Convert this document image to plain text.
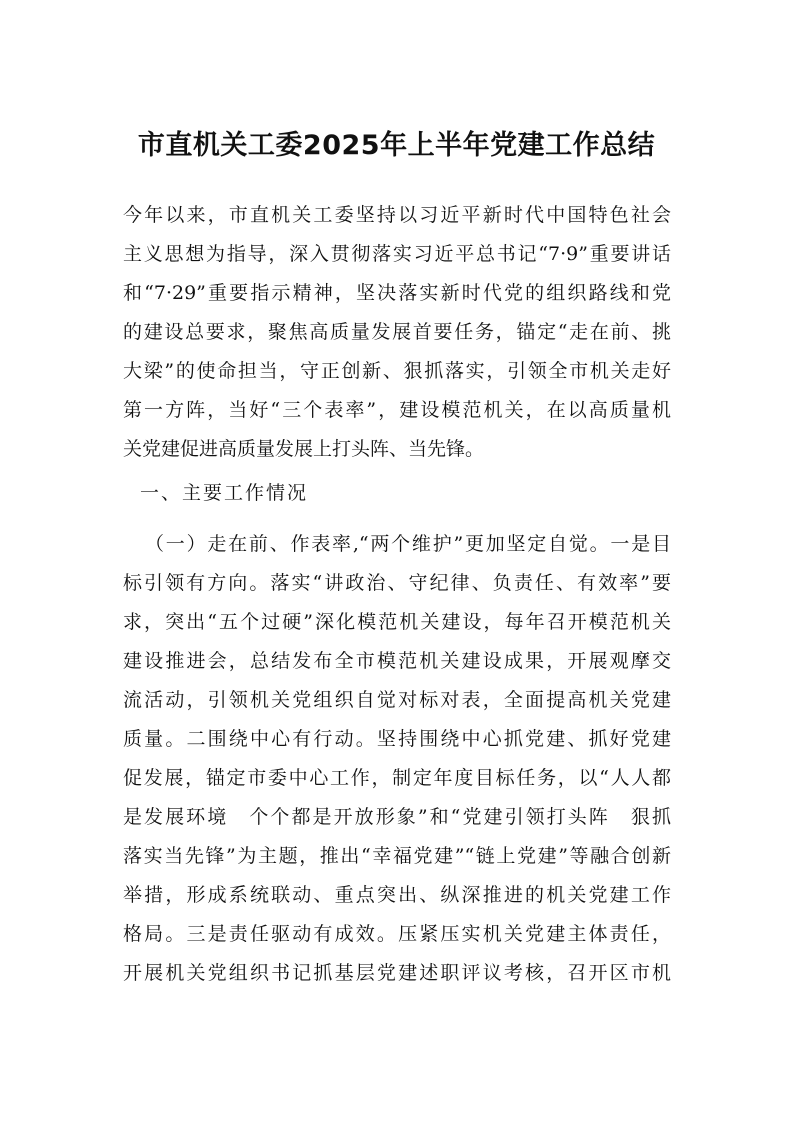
市直机关工委2025年上半年党建工作总结
今年以来，市直机关工委坚持以习近平新时代中国特色社会
主义思想为指导，深入贯彻落实习近平总书记“7·9”重要讲话
和“7·29”重要指示精神，坚决落实新时代党的组织路线和党
的建设总要求，聚焦高质量发展首要任务，锚定“走在前、挑
大梁”的使命担当，守正创新、狠抓落实，引领全市机关走好
第一方阵，当好“三个表率”，建设模范机关，在以高质量机
关党建促进高质量发展上打头阵、当先锋。
一、主要工作情况
（一）走在前、作表率,“两个维护”更加坚定自觉。一是目
标引领有方向。落实“讲政治、守纪律、负责任、有效率”要
求，突出“五个过硬”深化模范机关建设，每年召开模范机关
建设推进会，总结发布全市模范机关建设成果，开展观摩交
流活动，引领机关党组织自觉对标对表，全面提高机关党建
质量。二围绕中心有行动。坚持围绕中心抓党建、抓好党建
促发展，锚定市委中心工作，制定年度目标任务，以“人人都
是发展环境　个个都是开放形象”和“党建引领打头阵　狠抓
落实当先锋”为主题，推出“幸福党建”“链上党建”等融合创新
举措，形成系统联动、重点突出、纵深推进的机关党建工作
格局。三是责任驱动有成效。压紧压实机关党建主体责任，
开展机关党组织书记抓基层党建述职评议考核，召开区市机
